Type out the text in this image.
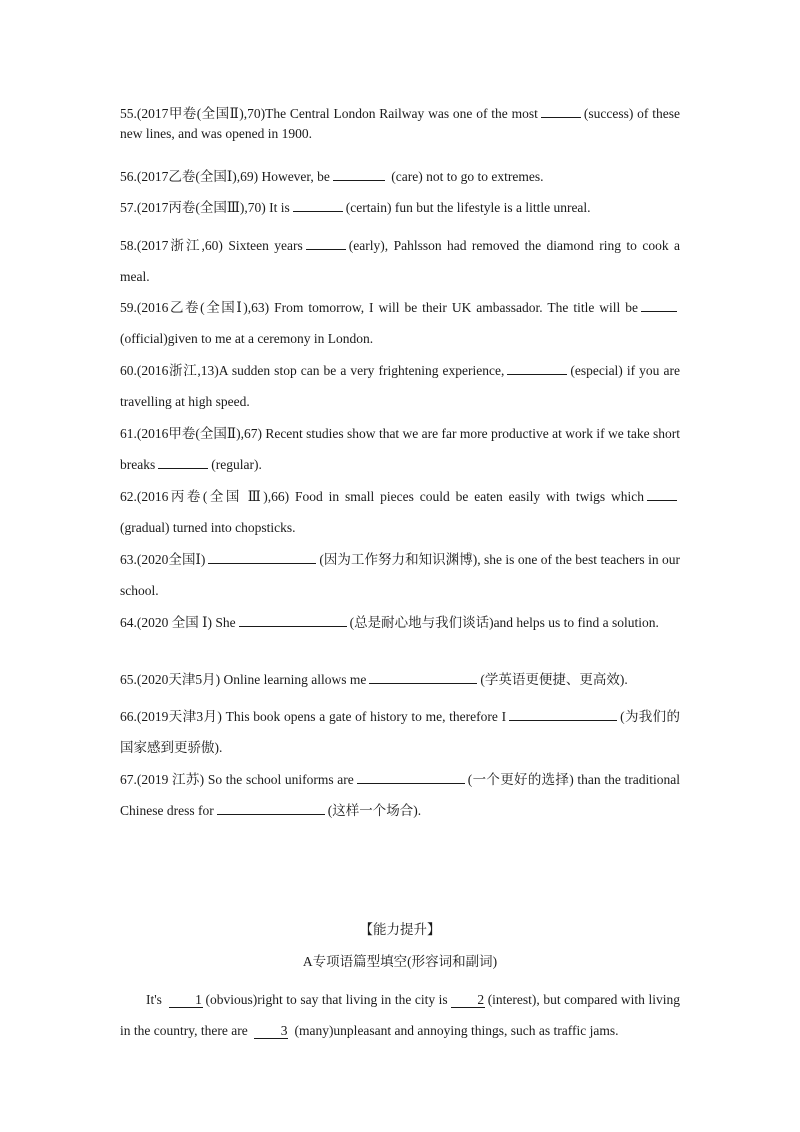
55.(2017甲卷(全国Ⅱ),70)The Central London Railway was one of the most	(success) of these new lines, and was opened in 1900.

56.(2017乙卷(全国Ⅰ),69) However, be	(care) not to go to extremes.

57.(2017丙卷(全国Ⅲ),70) It is	(certain) fun but the lifestyle is a little unreal.

58.(2017浙江,60) Sixteen years	(early), Pahlsson had removed the diamond ring to cook a meal.

59.(2016乙卷(全国Ⅰ),63) From tomorrow, I will be their UK ambassador. The title will be(official)given to me at a ceremony in London.

60.(2016浙江,13)A sudden stop can be a very frightening experience,	(especial) if you are travelling at high speed.

61.(2016甲卷(全国Ⅱ),67) Recent studies show that we are far more productive at work if we take short breaks	(regular).

62.(2016丙卷(全国 Ⅲ),66) Food in small pieces could be eaten easily with twigs which(gradual) turned into chopsticks.

63.(2020全国Ⅰ)	(因为工作努力和知识渊博), she is one of the best teachers in our school.

64.(2020 全国 Ⅰ) She	(总是耐心地与我们谈话)and helps us to find a solution.

65.(2020天津5月) Online learning allows me	(学英语更便捷、更高效).

66.(2019天津3月) This book opens a gate of history to me, therefore I	(为我们的国家感到更骄傲).

67.(2019 江苏) So the school uniforms are	(一个更好的选择) than the traditional Chinese dress for	(这样一个场合).

【能力提升】
A专项语篇型填空(形容词和副词)

It's 1 (obvious)right to say that living in the city is 2 (interest), but compared with living in the country, there are 3 (many)unpleasant and annoying things, such as traffic jams.
